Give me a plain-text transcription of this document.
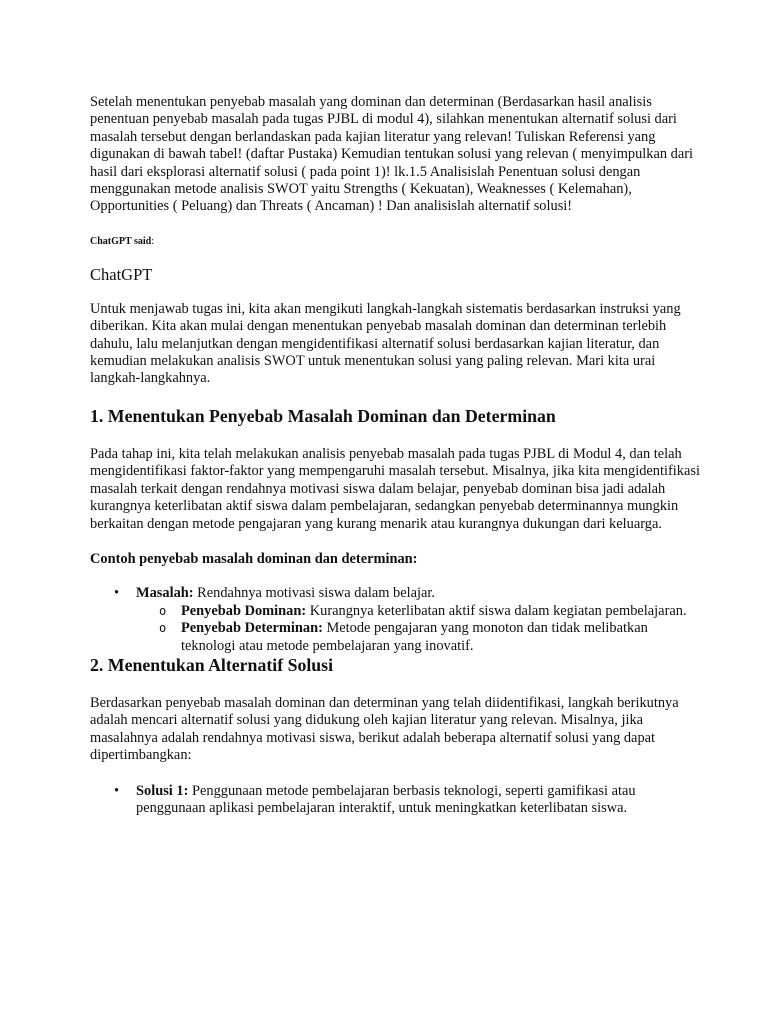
Setelah menentukan penyebab masalah yang dominan dan determinan (Berdasarkan hasil analisis penentuan penyebab masalah pada tugas PJBL di modul 4), silahkan menentukan alternatif solusi dari masalah tersebut dengan berlandaskan pada kajian literatur yang relevan! Tuliskan Referensi yang digunakan di bawah tabel! (daftar Pustaka) Kemudian tentukan solusi yang relevan ( menyimpulkan dari hasil dari eksplorasi alternatif solusi ( pada point 1)! lk.1.5 Analisislah Penentuan solusi dengan menggunakan metode analisis SWOT yaitu Strengths ( Kekuatan), Weaknesses ( Kelemahan), Opportunities ( Peluang) dan Threats ( Ancaman) ! Dan analisislah alternatif solusi!

ChatGPT said:

ChatGPT

Untuk menjawab tugas ini, kita akan mengikuti langkah-langkah sistematis berdasarkan instruksi yang diberikan. Kita akan mulai dengan menentukan penyebab masalah dominan dan determinan terlebih dahulu, lalu melanjutkan dengan mengidentifikasi alternatif solusi berdasarkan kajian literatur, dan kemudian melakukan analisis SWOT untuk menentukan solusi yang paling relevan. Mari kita urai langkah-langkahnya.

1. Menentukan Penyebab Masalah Dominan dan Determinan

Pada tahap ini, kita telah melakukan analisis penyebab masalah pada tugas PJBL di Modul 4, dan telah mengidentifikasi faktor-faktor yang mempengaruhi masalah tersebut. Misalnya, jika kita mengidentifikasi masalah terkait dengan rendahnya motivasi siswa dalam belajar, penyebab dominan bisa jadi adalah kurangnya keterlibatan aktif siswa dalam pembelajaran, sedangkan penyebab determinannya mungkin berkaitan dengan metode pengajaran yang kurang menarik atau kurangnya dukungan dari keluarga.

Contoh penyebab masalah dominan dan determinan:

• Masalah: Rendahnya motivasi siswa dalam belajar.
o Penyebab Dominan: Kurangnya keterlibatan aktif siswa dalam kegiatan pembelajaran.
o Penyebab Determinan: Metode pengajaran yang monoton dan tidak melibatkan teknologi atau metode pembelajaran yang inovatif.
2. Menentukan Alternatif Solusi

Berdasarkan penyebab masalah dominan dan determinan yang telah diidentifikasi, langkah berikutnya adalah mencari alternatif solusi yang didukung oleh kajian literatur yang relevan. Misalnya, jika masalahnya adalah rendahnya motivasi siswa, berikut adalah beberapa alternatif solusi yang dapat dipertimbangkan:

• Solusi 1: Penggunaan metode pembelajaran berbasis teknologi, seperti gamifikasi atau penggunaan aplikasi pembelajaran interaktif, untuk meningkatkan keterlibatan siswa.
